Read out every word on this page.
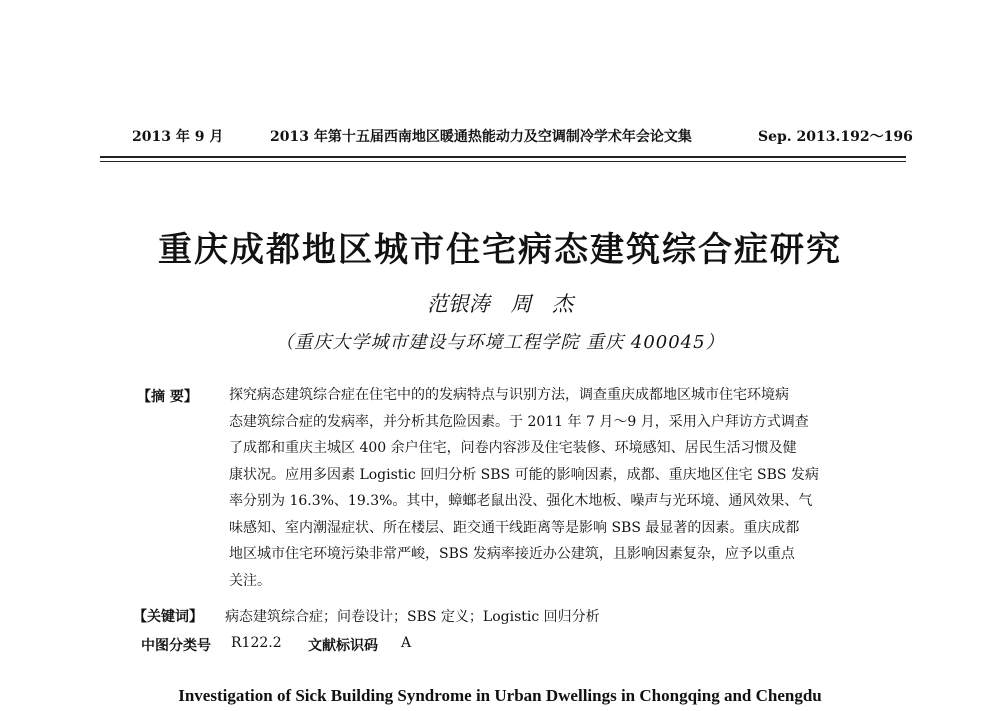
2013 年 9 月	2013 年第十五届西南地区暖通热能动力及空调制冷学术年会论文集	Sep. 2013.192～196
重庆成都地区城市住宅病态建筑综合症研究
范银涛 周 杰
（重庆大学城市建设与环境工程学院 重庆 400045）
【摘 要】 探究病态建筑综合症在住宅中的的发病特点与识别方法，调查重庆成都地区城市住宅环境病
态建筑综合症的发病率，并分析其危险因素。于 2011 年 7 月～9 月，采用入户拜访方式调查
了成都和重庆主城区 400 余户住宅，问卷内容涉及住宅装修、环境感知、居民生活习惯及健
康状况。应用多因素 Logistic 回归分析 SBS 可能的影响因素，成都、重庆地区住宅 SBS 发病
率分别为 16.3%、19.3%。其中，蟑螂老鼠出没、强化木地板、噪声与光环境、通风效果、气
味感知、室内潮湿症状、所在楼层、距交通干线距离等是影响 SBS 最显著的因素。重庆成都
地区城市住宅环境污染非常严峻，SBS 发病率接近办公建筑，且影响因素复杂，应予以重点
关注。
【关键词】 病态建筑综合症；问卷设计；SBS 定义；Logistic 回归分析
中图分类号 R122.2 文献标识码 A
Investigation of Sick Building Syndrome in Urban Dwellings in Chongqing and Chengdu
